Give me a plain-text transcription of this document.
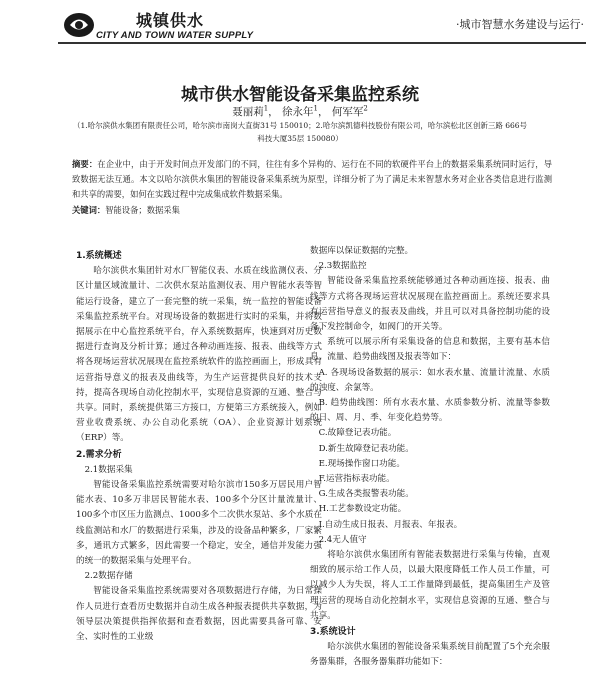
城镇供水
CITY AND TOWN WATER SUPPLY
·城市智慧水务建设与运行·
城市供水智能设备采集监控系统
聂丽莉$^1$， 徐永年$^1$， 何军军$^2$
（1.哈尔滨供水集团有限责任公司，哈尔滨市南岗大直街31号 150010；2.哈尔滨凯德科技股份有限公司，哈尔滨松北区创新三路 666号科技大厦35层 150080）
摘要：在企业中，由于开发时间点开发部门的不同，往往有多个异构的、运行在不同的软硬件平台上的数据采集系统同时运行，导致数据无法互通。本文以哈尔滨供水集团的智能设备采集系统为原型，详细分析了为了满足未来智慧水务对企业各类信息进行监测和共享的需要，如何在实践过程中完成集成软件数据采集。
关键词：智能设备；数据采集
1.系统概述

哈尔滨供水集团针对水厂智能仪表、水质在线监测仪表、分区计量区域流量计、二次供水泵站监测仪表、用户智能水表等智能运行设备，建立了一套完整的统一采集，统一监控的智能设备采集监控系统平台。对现场设备的数据进行实时的采集，并将数据展示在中心监控系统平台，存入系统数据库，快速到对历史数据进行查询及分析计算；通过各种动画连接、报表、曲线等方式将各现场运营状况展现在监控系统软件的监控画面上，形成具有运营指导意义的报表及曲线等，为生产运营提供良好的技术支持，提高各现场自动化控制水平，实现信息资源的互通、整合与共享。同时，系统提供第三方接口，方便第三方系统接入，例如营业收费系统、办公自动化系统（OA）、企业资源计划系统（ERP）等。

2.需求分析
2.1数据采集

智能设备采集监控系统需要对哈尔滨市150多万居民用户智能水表、10多万非居民智能水表、100多个分区计量流量计、100多个市区压力监测点、1000多个二次供水泵站、多个水质在线监测站和水厂的数据进行采集，涉及的设备品种繁多，厂家繁多，通讯方式繁多，因此需要一个稳定，安全，通信并发能力强的统一的数据采集与处理平台。

2.2数据存储

智能设备采集监控系统需要对各项数据进行存储，为日常操作人员进行查看历史数据并自动生成各种报表提供共享数据，为领导层决策提供指挥依据和查看数据，因此需要具备可靠、安全、实时性的工业级

数据库以保证数据的完整。

2.3数据监控

智能设备采集监控系统能够通过各种动画连接、报表、曲线等方式将各现场运营状况展现在监控画面上。系统还要求具有运营指导意义的报表及曲线，并且可以对具备控制功能的设备下发控制命令，如阀门的开关等。

系统可以展示所有采集设备的信息和数据，主要有基本信息、流量、趋势曲线图及报表等如下：

A. 各现场设备数据的展示：如水表水量、流量计流量、水质的浊度、余氯等。

B. 趋势曲线图：所有水表水量、水质参数分析、流量等参数的日、周、月、季、年变化趋势等。

C.故障登记表功能。

D.新生故障登记表功能。

E.现场操作窗口功能。

F.运营指标表功能。

G.生成各类报警表功能。

H.工艺参数设定功能。

I.自动生成日报表、月报表、年报表。

2.4无人值守

将哈尔滨供水集团所有智能表数据进行采集与传输，直观细致的展示给工作人员，以最大限度降低工作人员工作量，可以减少人为失误，将人工工作量降到最低，提高集团生产及管理运营的现场自动化控制水平，实现信息资源的互通、整合与共享。

3.系统设计

哈尔滨供水集团的智能设备采集系统目前配置了5个充余服务器集群，各服务器集群功能如下：
